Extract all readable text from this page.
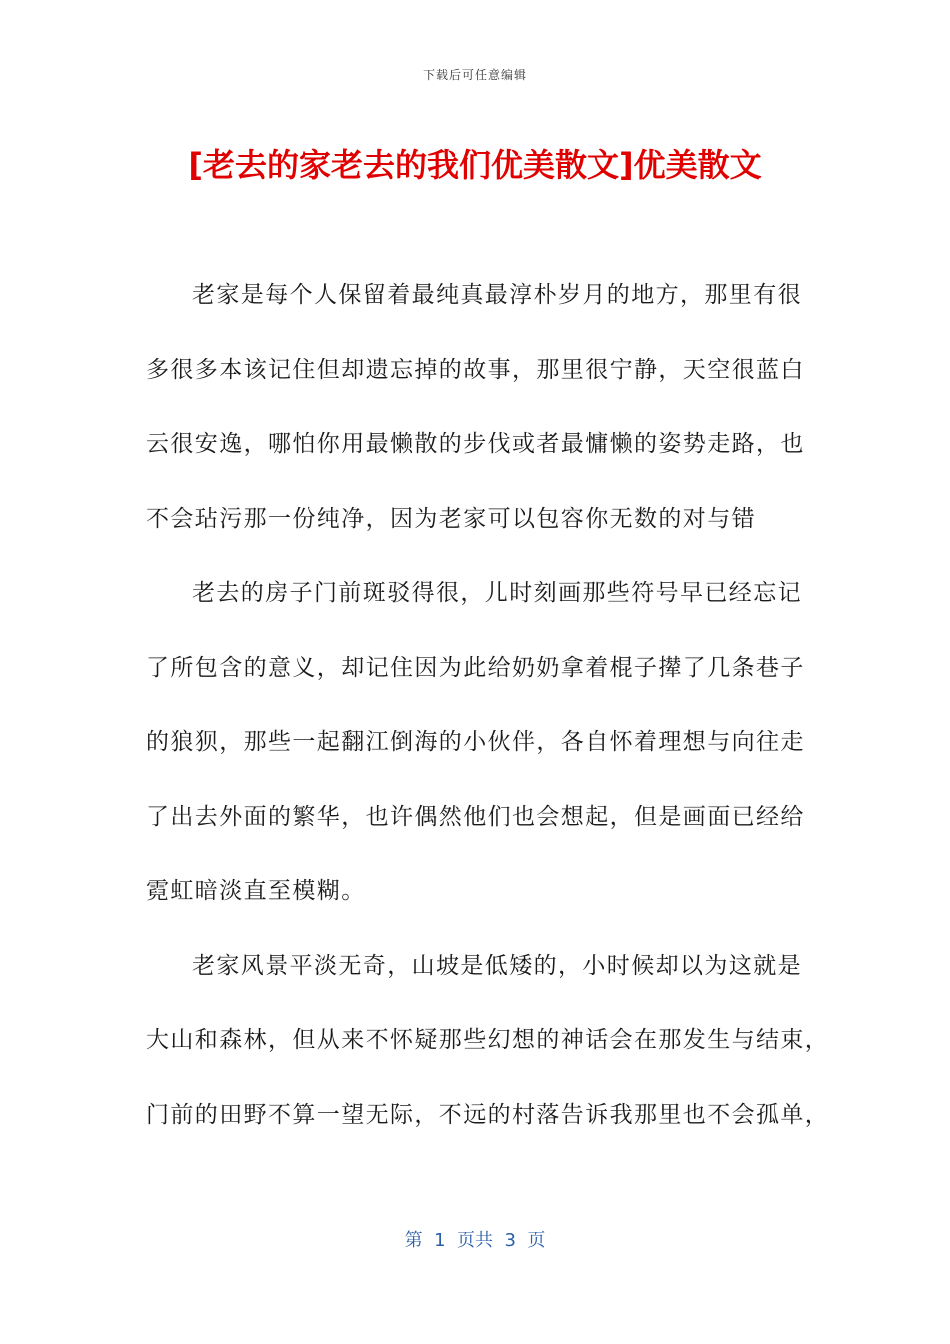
下载后可任意编辑
[老去的家老去的我们优美散文]优美散文
老家是每个人保留着最纯真最淳朴岁月的地方，那里有很
多很多本该记住但却遗忘掉的故事，那里很宁静，天空很蓝白
云很安逸，哪怕你用最懒散的步伐或者最慵懒的姿势走路，也
不会玷污那一份纯净，因为老家可以包容你无数的对与错
老去的房子门前斑驳得很，儿时刻画那些符号早已经忘记
了所包含的意义，却记住因为此给奶奶拿着棍子撵了几条巷子
的狼狈，那些一起翻江倒海的小伙伴，各自怀着理想与向往走
了出去外面的繁华，也许偶然他们也会想起，但是画面已经给
霓虹暗淡直至模糊。
老家风景平淡无奇，山坡是低矮的，小时候却以为这就是
大山和森林，但从来不怀疑那些幻想的神话会在那发生与结束，
门前的田野不算一望无际，不远的村落告诉我那里也不会孤单，
第  1  页共  3  页
